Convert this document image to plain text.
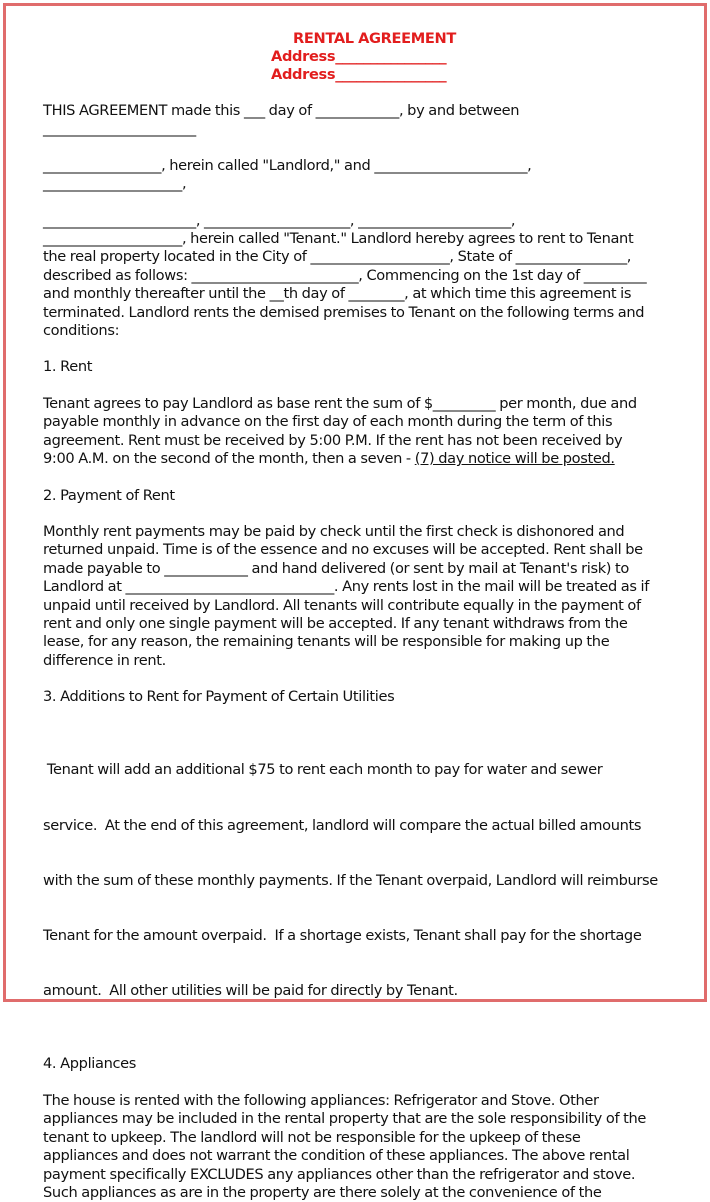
RENTAL AGREEMENT
Address________________
Address________________
THIS AGREEMENT made this ___ day of ____________, by and between
______________________
_________________, herein called "Landlord," and ______________________,
____________________,
______________________, _____________________, ______________________,
____________________, herein called "Tenant." Landlord hereby agrees to rent to Tenant
the real property located in the City of ____________________, State of ________________,
described as follows: ________________________, Commencing on the 1st day of _________
and monthly thereafter until the __th day of ________, at which time this agreement is
terminated. Landlord rents the demised premises to Tenant on the following terms and
conditions:
1. Rent
Tenant agrees to pay Landlord as base rent the sum of $_________ per month, due and
payable monthly in advance on the first day of each month during the term of this
agreement. Rent must be received by 5:00 P.M. If the rent has not been received by
9:00 A.M. on the second of the month, then a seven - (7) day notice will be posted.
2. Payment of Rent
Monthly rent payments may be paid by check until the first check is dishonored and
returned unpaid. Time is of the essence and no excuses will be accepted. Rent shall be
made payable to ____________ and hand delivered (or sent by mail at Tenant's risk) to
Landlord at ______________________________. Any rents lost in the mail will be treated as if
unpaid until received by Landlord. All tenants will contribute equally in the payment of
rent and only one single payment will be accepted. If any tenant withdraws from the
lease, for any reason, the remaining tenants will be responsible for making up the
difference in rent.
3. Additions to Rent for Payment of Certain Utilities

Tenant will add an additional $75 to rent each month to pay for water and sewer

service.  At the end of this agreement, landlord will compare the actual billed amounts

with the sum of these monthly payments. If the Tenant overpaid, Landlord will reimburse

Tenant for the amount overpaid.  If a shortage exists, Tenant shall pay for the shortage

amount.  All other utilities will be paid for directly by Tenant.

4. Appliances
The house is rented with the following appliances: Refrigerator and Stove. Other
appliances may be included in the rental property that are the sole responsibility of the
tenant to upkeep. The landlord will not be responsible for the upkeep of these
appliances and does not warrant the condition of these appliances. The above rental
payment specifically EXCLUDES any appliances other than the refrigerator and stove.
Such appliances as are in the property are there solely at the convenience of the
